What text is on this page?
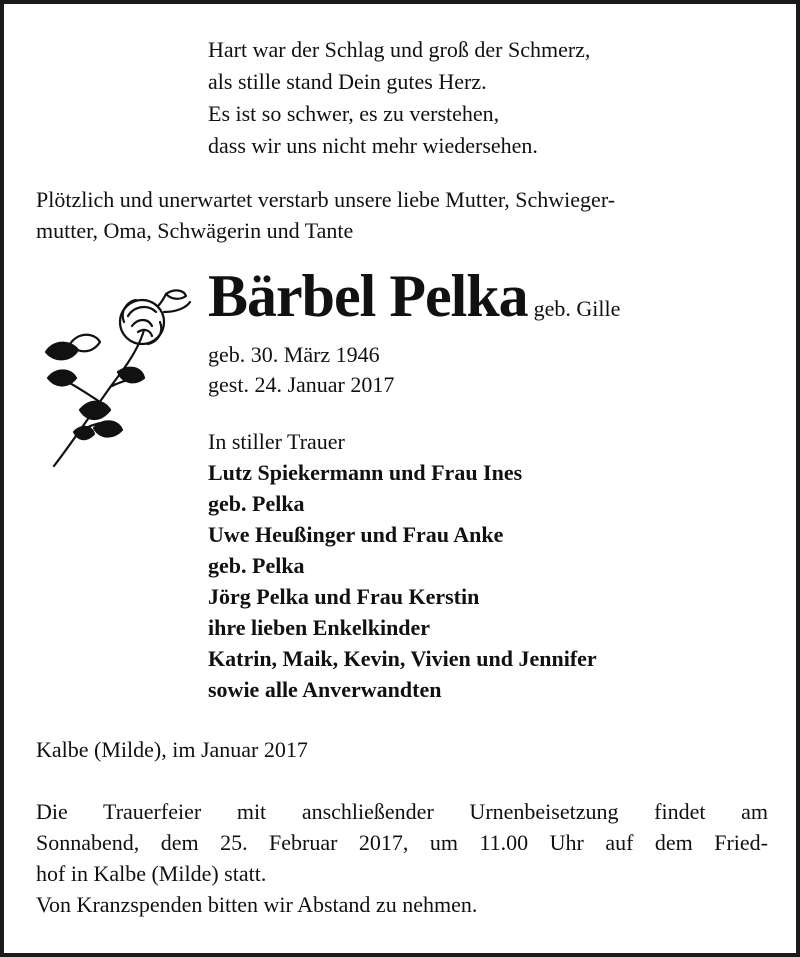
Hart war der Schlag und groß der Schmerz,
als stille stand Dein gutes Herz.
Es ist so schwer, es zu verstehen,
dass wir uns nicht mehr wiedersehen.
Plötzlich und unerwartet verstarb unsere liebe Mutter, Schwieger-
mutter, Oma, Schwägerin und Tante
Bärbel Pelka geb. Gille
geb. 30. März 1946
gest. 24. Januar 2017
In stiller Trauer
Lutz Spiekermann und Frau Ines
geb. Pelka
Uwe Heußinger und Frau Anke
geb. Pelka
Jörg Pelka und Frau Kerstin
ihre lieben Enkelkinder
Katrin, Maik, Kevin, Vivien und Jennifer
sowie alle Anverwandten
Kalbe (Milde), im Januar 2017
Die Trauerfeier mit anschließender Urnenbeisetzung findet am
Sonnabend, dem 25. Februar 2017, um 11.00 Uhr auf dem Fried-
hof in Kalbe (Milde) statt.
Von Kranzspenden bitten wir Abstand zu nehmen.
